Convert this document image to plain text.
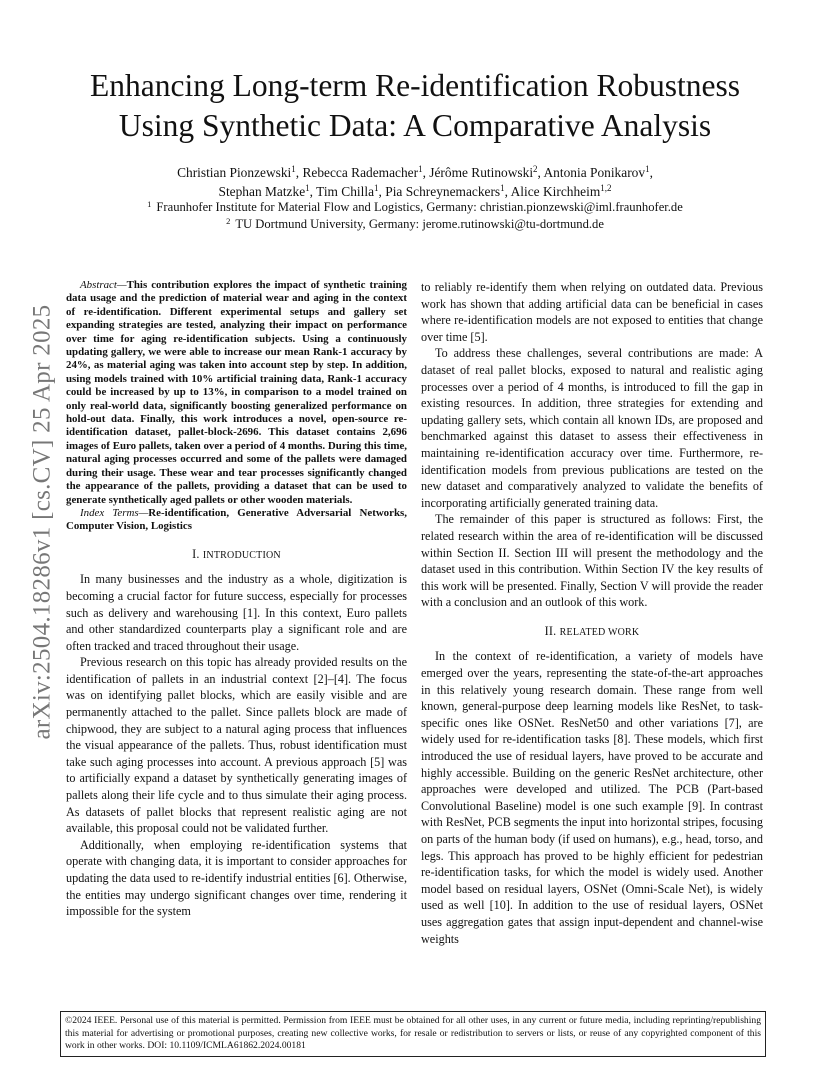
arXiv:2504.18286v1 [cs.CV] 25 Apr 2025
Enhancing Long-term Re-identification Robustness Using Synthetic Data: A Comparative Analysis
Christian Pionzewski$^1$, Rebecca Rademacher$^1$, Jérôme Rutinowski$^2$, Antonia Ponikarov$^1$,
Stephan Matzke$^1$, Tim Chilla$^1$, Pia Schreynemackers$^1$, Alice Kirchheim$^{1,2}$
$^1$ Fraunhofer Institute for Material Flow and Logistics, Germany: christian.pionzewski@iml.fraunhofer.de
$^2$ TU Dortmund University, Germany: jerome.rutinowski@tu-dortmund.de

Abstract—This contribution explores the impact of synthetic training data usage and the prediction of material wear and aging in the context of re-identification. Different experimental setups and gallery set expanding strategies are tested, analyzing their impact on performance over time for aging re-identification subjects. Using a continuously updating gallery, we were able to increase our mean Rank-1 accuracy by 24%, as material aging was taken into account step by step. In addition, using models trained with 10% artificial training data, Rank-1 accuracy could be increased by up to 13%, in comparison to a model trained on only real-world data, significantly boosting generalized performance on hold-out data. Finally, this work introduces a novel, open-source re-identification dataset, pallet-block-2696. This dataset contains 2,696 images of Euro pallets, taken over a period of 4 months. During this time, natural aging processes occurred and some of the pallets were damaged during their usage. These wear and tear processes significantly changed the appearance of the pallets, providing a dataset that can be used to generate synthetically aged pallets or other wooden materials.

Index Terms—Re-identification, Generative Adversarial Networks, Computer Vision, Logistics

I. INTRODUCTION

In many businesses and the industry as a whole, digitization is becoming a crucial factor for future success, especially for processes such as delivery and warehousing [1]. In this context, Euro pallets and other standardized counterparts play a significant role and are often tracked and traced throughout their usage.

Previous research on this topic has already provided results on the identification of pallets in an industrial context [2]–[4]. The focus was on identifying pallet blocks, which are easily visible and are permanently attached to the pallet. Since pallets block are made of chipwood, they are subject to a natural aging process that influences the visual appearance of the pallets. Thus, robust identification must take such aging processes into account. A previous approach [5] was to artificially expand a dataset by synthetically generating images of pallets along their life cycle and to thus simulate their aging process. As datasets of pallet blocks that represent realistic aging are not available, this proposal could not be validated further.

Additionally, when employing re-identification systems that operate with changing data, it is important to consider approaches for updating the data used to re-identify industrial entities [6]. Otherwise, the entities may undergo significant changes over time, rendering it impossible for the system

to reliably re-identify them when relying on outdated data. Previous work has shown that adding artificial data can be beneficial in cases where re-identification models are not exposed to entities that change over time [5].

To address these challenges, several contributions are made: A dataset of real pallet blocks, exposed to natural and realistic aging processes over a period of 4 months, is introduced to fill the gap in existing resources. In addition, three strategies for extending and updating gallery sets, which contain all known IDs, are proposed and benchmarked against this dataset to assess their effectiveness in maintaining re-identification accuracy over time. Furthermore, re-identification models from previous publications are tested on the new dataset and comparatively analyzed to validate the benefits of incorporating artificially generated training data.

The remainder of this paper is structured as follows: First, the related research within the area of re-identification will be discussed within Section II. Section III will present the methodology and the dataset used in this contribution. Within Section IV the key results of this work will be presented. Finally, Section V will provide the reader with a conclusion and an outlook of this work.

II. RELATED WORK

In the context of re-identification, a variety of models have emerged over the years, representing the state-of-the-art approaches in this relatively young research domain. These range from well known, general-purpose deep learning models like ResNet, to task-specific ones like OSNet. ResNet50 and other variations [7], are widely used for re-identification tasks [8]. These models, which first introduced the use of residual layers, have proved to be accurate and highly accessible. Building on the generic ResNet architecture, other approaches were developed and utilized. The PCB (Part-based Convolutional Baseline) model is one such example [9]. In contrast with ResNet, PCB segments the input into horizontal stripes, focusing on parts of the human body (if used on humans), e.g., head, torso, and legs. This approach has proved to be highly efficient for pedestrian re-identification tasks, for which the model is widely used. Another model based on residual layers, OSNet (Omni-Scale Net), is widely used as well [10]. In addition to the use of residual layers, OSNet uses aggregation gates that assign input-dependent and channel-wise weights

©2024 IEEE. Personal use of this material is permitted. Permission from IEEE must be obtained for all other uses, in any current or future media, including reprinting/republishing this material for advertising or promotional purposes, creating new collective works, for resale or redistribution to servers or lists, or reuse of any copyrighted component of this work in other works. DOI: 10.1109/ICMLA61862.2024.00181
